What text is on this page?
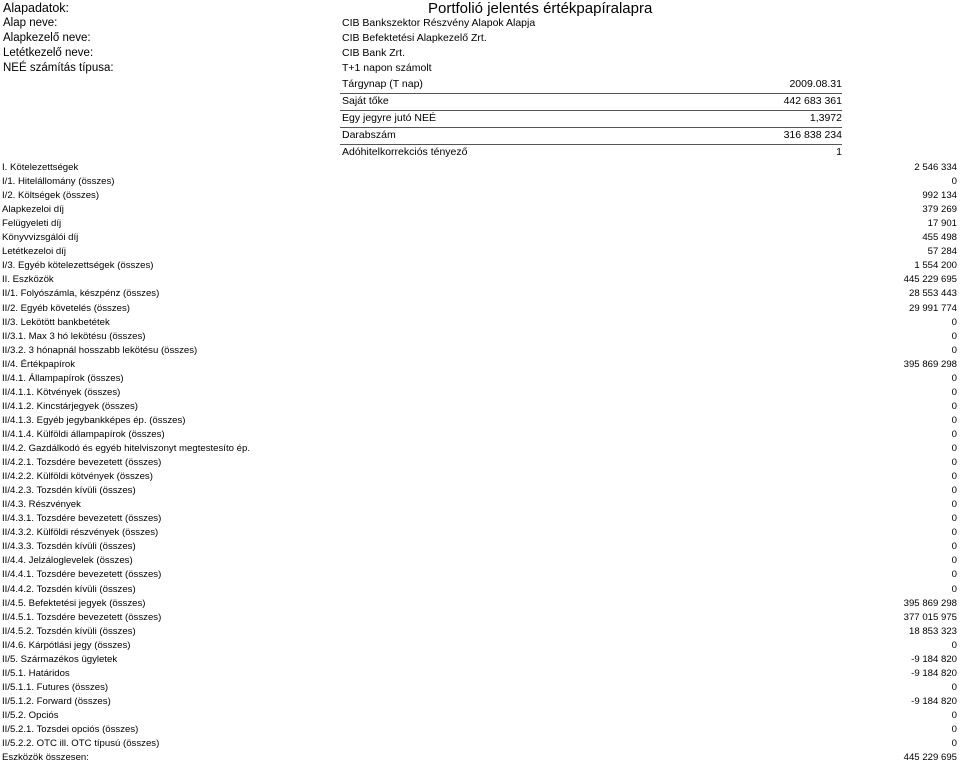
Portfolió jelentés értékpapíralapra
Alapadatok:
Alap neve:	CIB Bankszektor Részvény Alapok Alapja
Alapkezelő neve:	CIB Befektetési Alapkezelő Zrt.
Letétkezelő neve:	CIB Bank Zrt.
NEÉ számítás típusa:	T+1 napon számolt
Tárgynap (T nap)	2009.08.31
Saját tőke	442 683 361
Egy jegyre jutó NEÉ	1,3972
Darabszám	316 838 234
Adóhitelkorrekciós tényező	1
I. Kötelezettségek	2 546 334
I/1. Hitelállomány (összes)	0
I/2. Költségek (összes)	992 134
Alapkezeloi díj	379 269
Felügyeleti díj	17 901
Könyvvizsgálói díj	455 498
Letétkezeloi díj	57 284
I/3. Egyéb kötelezettségek (összes)	1 554 200
II. Eszközök	445 229 695
II/1. Folyószámla, készpénz (összes)	28 553 443
II/2. Egyéb követelés (összes)	29 991 774
II/3. Lekötött bankbetétek	0
II/3.1. Max 3 hó lekötésu (összes)	0
II/3.2. 3 hónapnál hosszabb lekötésu (összes)	0
II/4. Értékpapírok	395 869 298
II/4.1. Állampapírok (összes)	0
II/4.1.1. Kötvények (összes)	0
II/4.1.2. Kincstárjegyek (összes)	0
II/4.1.3. Egyéb jegybankképes ép. (összes)	0
II/4.1.4. Külföldi állampapírok (összes)	0
II/4.2. Gazdálkodó és egyéb hitelviszonyt megtestesíto ép.	0
II/4.2.1. Tozsdére bevezetett (összes)	0
II/4.2.2. Külföldi kötvények (összes)	0
II/4.2.3. Tozsdén kívüli (összes)	0
II/4.3. Részvények	0
II/4.3.1. Tozsdére bevezetett (összes)	0
II/4.3.2. Külföldi részvények (összes)	0
II/4.3.3. Tozsdén kívüli (összes)	0
II/4.4. Jelzáloglevelek (összes)	0
II/4.4.1. Tozsdére bevezetett (összes)	0
II/4.4.2. Tozsdén kívüli (összes)	0
II/4.5. Befektetési jegyek (összes)	395 869 298
II/4.5.1. Tozsdére bevezetett (összes)	377 015 975
II/4.5.2. Tozsdén kívüli (összes)	18 853 323
II/4.6. Kárpótlási jegy (összes)	0
II/5. Származékos ügyletek	-9 184 820
II/5.1. Határidos	-9 184 820
II/5.1.1. Futures (összes)	0
II/5.1.2. Forward (összes)	-9 184 820
II/5.2. Opciós	0
II/5.2.1. Tozsdei opciós (összes)	0
II/5.2.2. OTC ill. OTC típusú (összes)	0
Eszközök összesen:	445 229 695
